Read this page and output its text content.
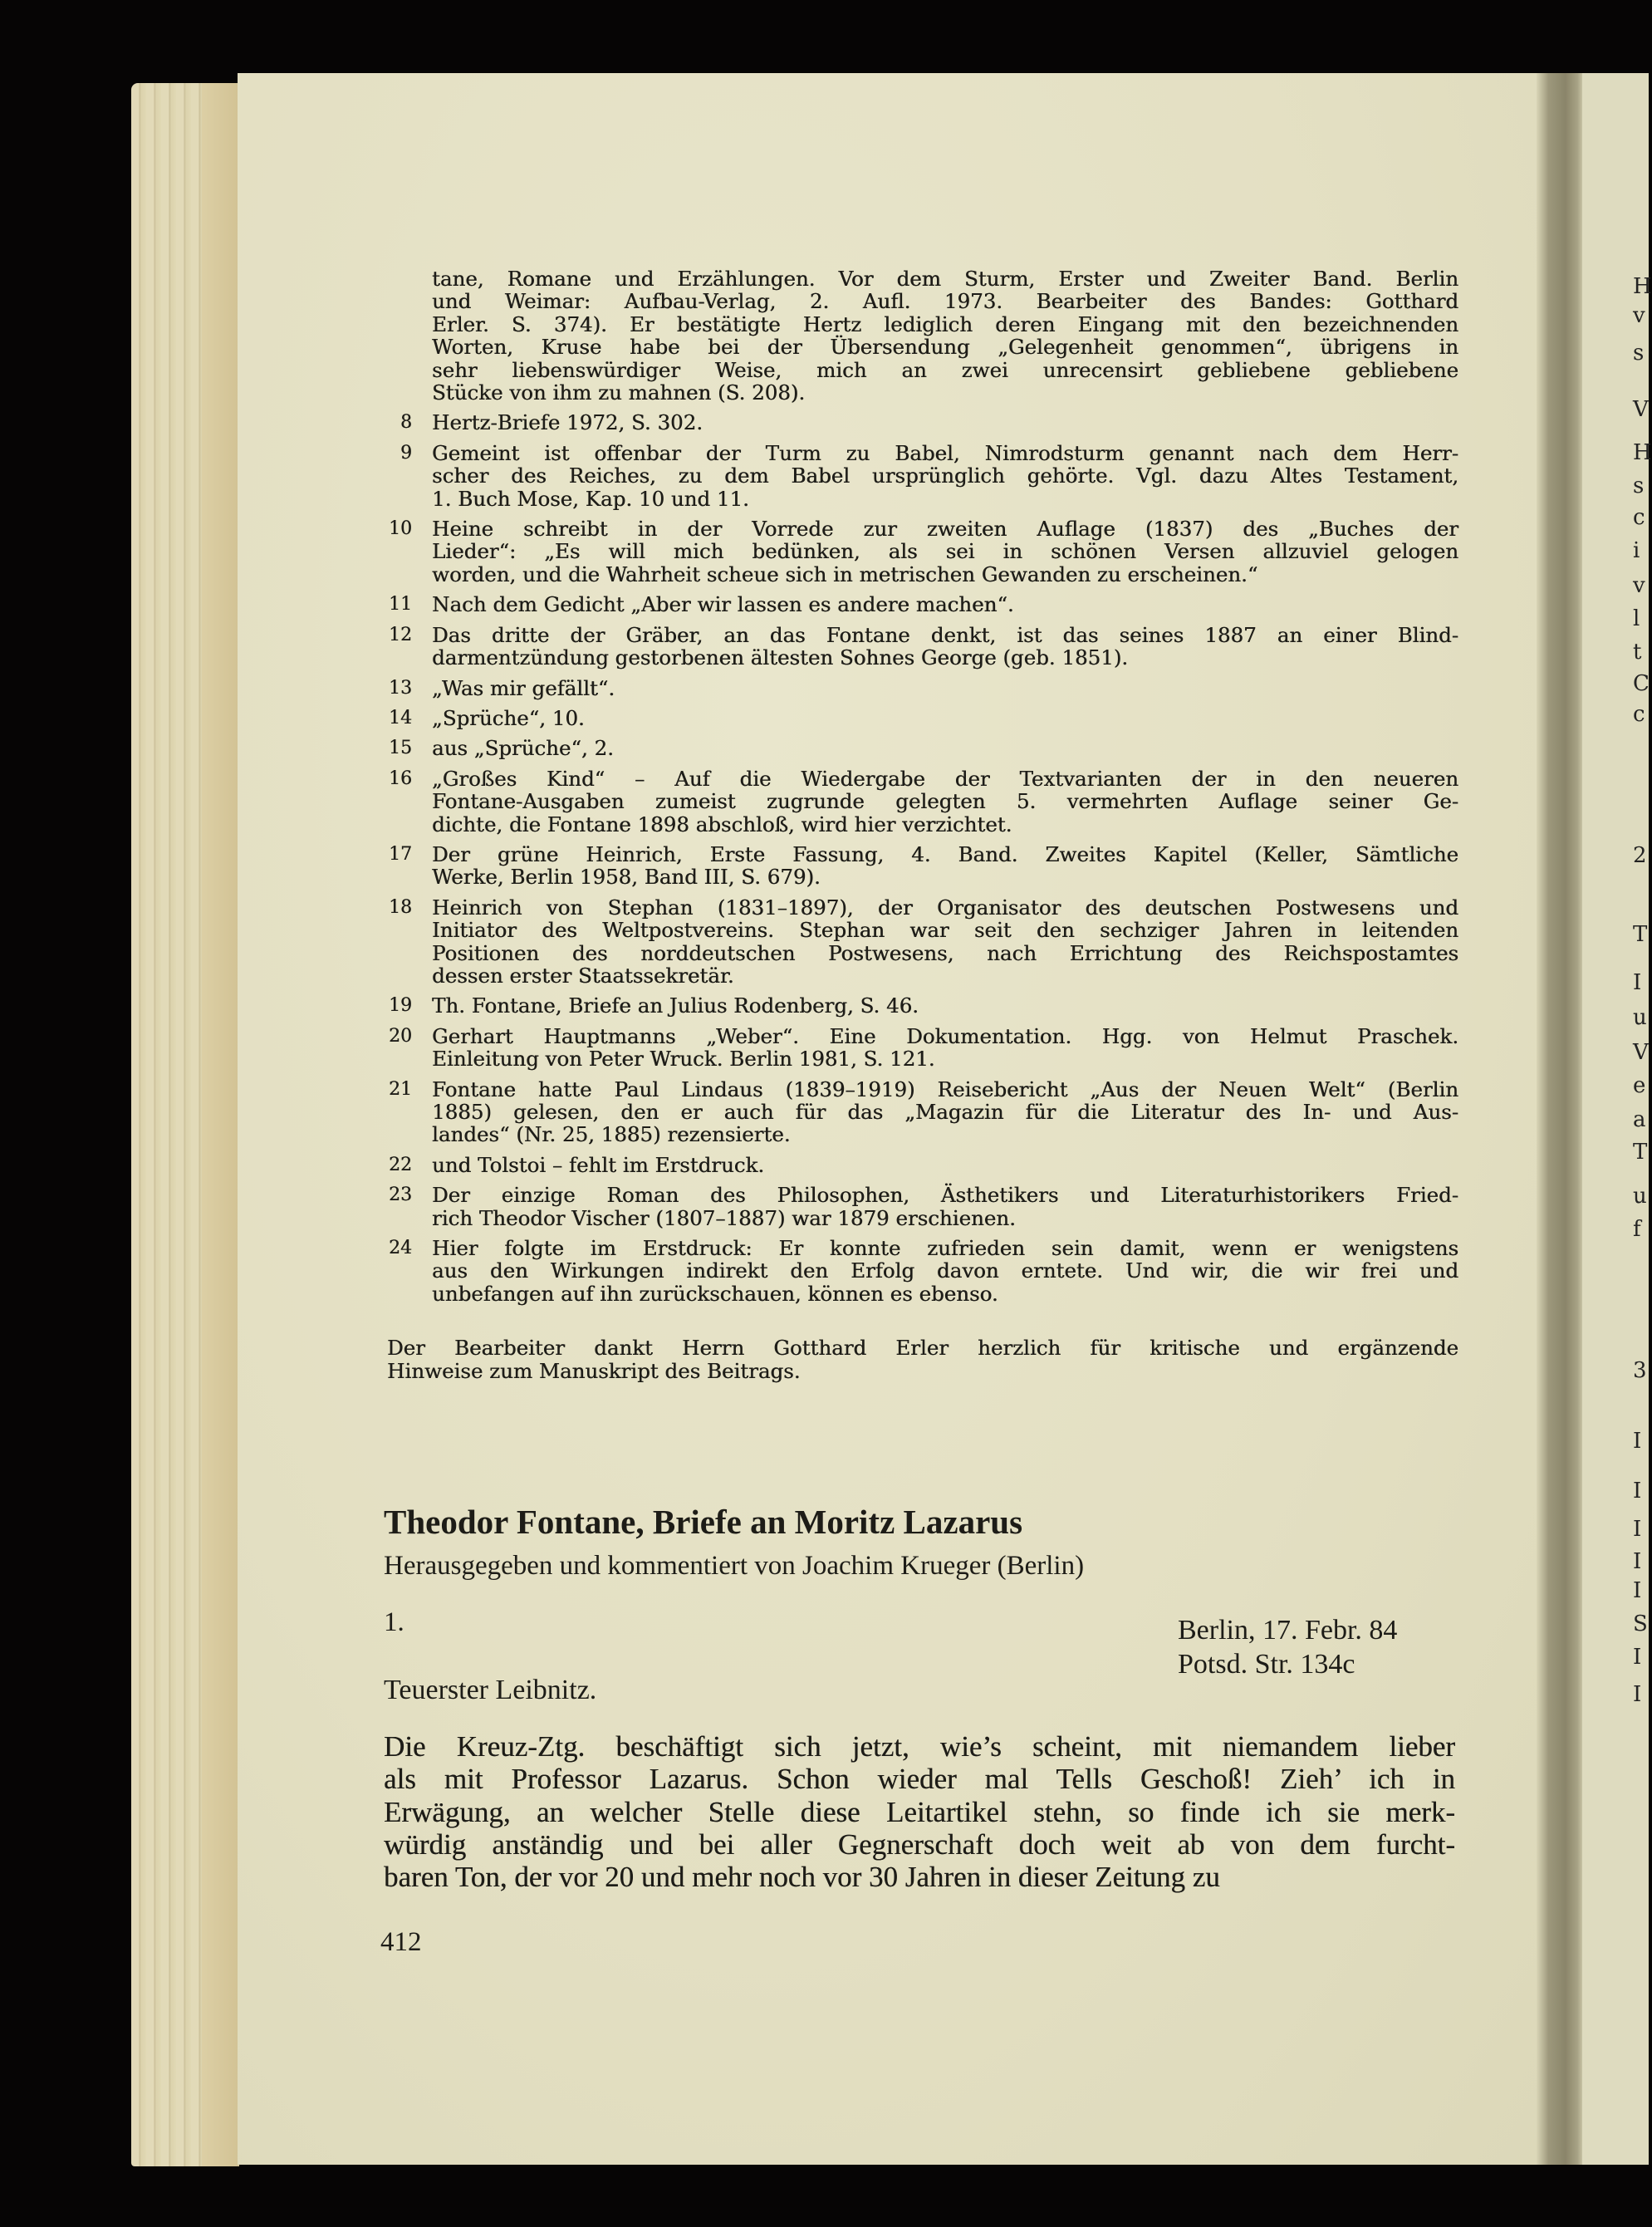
H
v
s
V
H
s
c
i
v
l
t
C
c
2
T
I
u
V
e
a
T
u
f
3
I
I
I
I
I
S
I
I
tane, Romane und Erzählungen. Vor dem Sturm, Erster und Zweiter Band. Berlin
und Weimar: Aufbau-Verlag, 2. Aufl. 1973. Bearbeiter des Bandes: Gotthard
Erler. S. 374). Er bestätigte Hertz lediglich deren Eingang mit den bezeichnenden
Worten, Kruse habe bei der Übersendung „Gelegenheit genommen“, übrigens in
sehr liebenswürdiger Weise, mich an zwei unrecensirt gebliebene gebliebene
Stücke von ihm zu mahnen (S. 208).
8 Hertz-Briefe 1972, S. 302.
9 Gemeint ist offenbar der Turm zu Babel, Nimrodsturm genannt nach dem Herr-
scher des Reiches, zu dem Babel ursprünglich gehörte. Vgl. dazu Altes Testament,
1. Buch Mose, Kap. 10 und 11.
10 Heine schreibt in der Vorrede zur zweiten Auflage (1837) des „Buches der
Lieder“: „Es will mich bedünken, als sei in schönen Versen allzuviel gelogen
worden, und die Wahrheit scheue sich in metrischen Gewanden zu erscheinen.“
11 Nach dem Gedicht „Aber wir lassen es andere machen“.
12 Das dritte der Gräber, an das Fontane denkt, ist das seines 1887 an einer Blind-
darmentzündung gestorbenen ältesten Sohnes George (geb. 1851).
13 „Was mir gefällt“.
14 „Sprüche“, 10.
15 aus „Sprüche“, 2.
16 „Großes Kind“ – Auf die Wiedergabe der Textvarianten der in den neueren
Fontane-Ausgaben zumeist zugrunde gelegten 5. vermehrten Auflage seiner Ge-
dichte, die Fontane 1898 abschloß, wird hier verzichtet.
17 Der grüne Heinrich, Erste Fassung, 4. Band. Zweites Kapitel (Keller, Sämtliche
Werke, Berlin 1958, Band III, S. 679).
18 Heinrich von Stephan (1831–1897), der Organisator des deutschen Postwesens und
Initiator des Weltpostvereins. Stephan war seit den sechziger Jahren in leitenden
Positionen des norddeutschen Postwesens, nach Errichtung des Reichspostamtes
dessen erster Staatssekretär.
19 Th. Fontane, Briefe an Julius Rodenberg, S. 46.
20 Gerhart Hauptmanns „Weber“. Eine Dokumentation. Hgg. von Helmut Praschek.
Einleitung von Peter Wruck. Berlin 1981, S. 121.
21 Fontane hatte Paul Lindaus (1839–1919) Reisebericht „Aus der Neuen Welt“ (Berlin
1885) gelesen, den er auch für das „Magazin für die Literatur des In- und Aus-
landes“ (Nr. 25, 1885) rezensierte.
22 und Tolstoi – fehlt im Erstdruck.
23 Der einzige Roman des Philosophen, Ästhetikers und Literaturhistorikers Fried-
rich Theodor Vischer (1807–1887) war 1879 erschienen.
24 Hier folgte im Erstdruck: Er konnte zufrieden sein damit, wenn er wenigstens
aus den Wirkungen indirekt den Erfolg davon erntete. Und wir, die wir frei und
unbefangen auf ihn zurückschauen, können es ebenso.
Der Bearbeiter dankt Herrn Gotthard Erler herzlich für kritische und ergänzende
Hinweise zum Manuskript des Beitrags.
Theodor Fontane, Briefe an Moritz Lazarus
Herausgegeben und kommentiert von Joachim Krueger (Berlin)
1.	Berlin, 17. Febr. 84
Potsd. Str. 134c
Teuerster Leibnitz.
Die Kreuz-Ztg. beschäftigt sich jetzt, wie’s scheint, mit niemandem lieber
als mit Professor Lazarus. Schon wieder mal Tells Geschoß! Zieh’ ich in
Erwägung, an welcher Stelle diese Leitartikel stehn, so finde ich sie merk-
würdig anständig und bei aller Gegnerschaft doch weit ab von dem furcht-
baren Ton, der vor 20 und mehr noch vor 30 Jahren in dieser Zeitung zu
412
